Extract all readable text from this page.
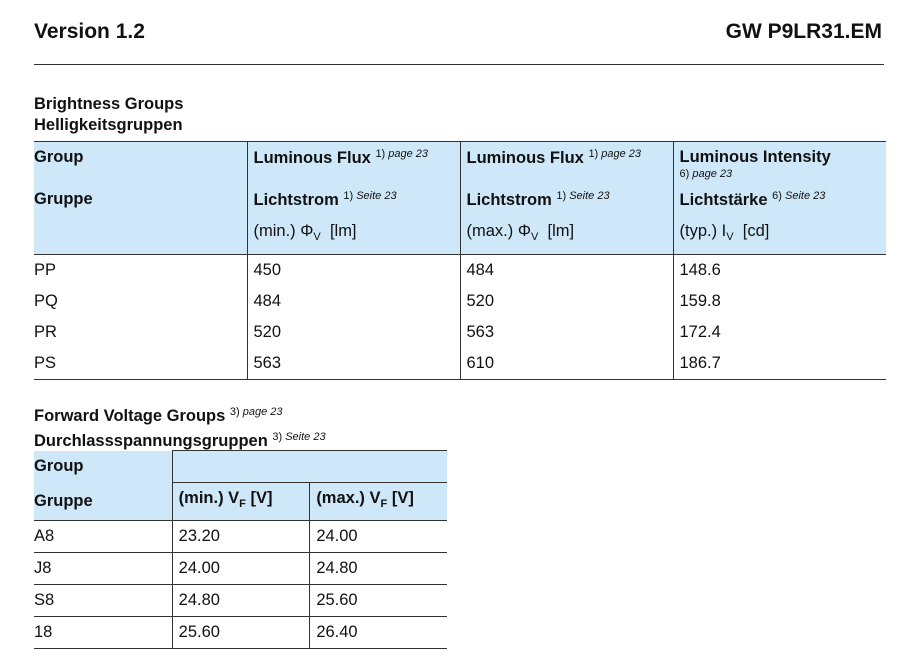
Version 1.2	GW P9LR31.EM
Brightness Groups
Helligkeitsgruppen
Group	Luminous Flux $^{1) page 23}$	Luminous Flux $^{1) page 23}$	Luminous Intensity
6) page 23

Gruppe	Lichtstrom $^{1) Seite 23}$	Lichtstrom $^{1) Seite 23}$	Lichtstärke $^{6) Seite 23}$
	(min.) $\Phi_V$ [lm]	(max.) $\Phi_V$ [lm]	(typ.) $I_V$ [cd]
PP	450	484	148.6
PQ	484	520	159.8
PR	520	563	172.4
PS	563	610	186.7
Forward Voltage Groups $^{3) page 23}$
Durchlassspannungsgruppen $^{3) Seite 23}$
Group		
Gruppe	(min.) $V_F$ [V]	(max.) $V_F$ [V]
A8	23.20	24.00
J8	24.00	24.80
S8	24.80	25.60
18	25.60	26.40
